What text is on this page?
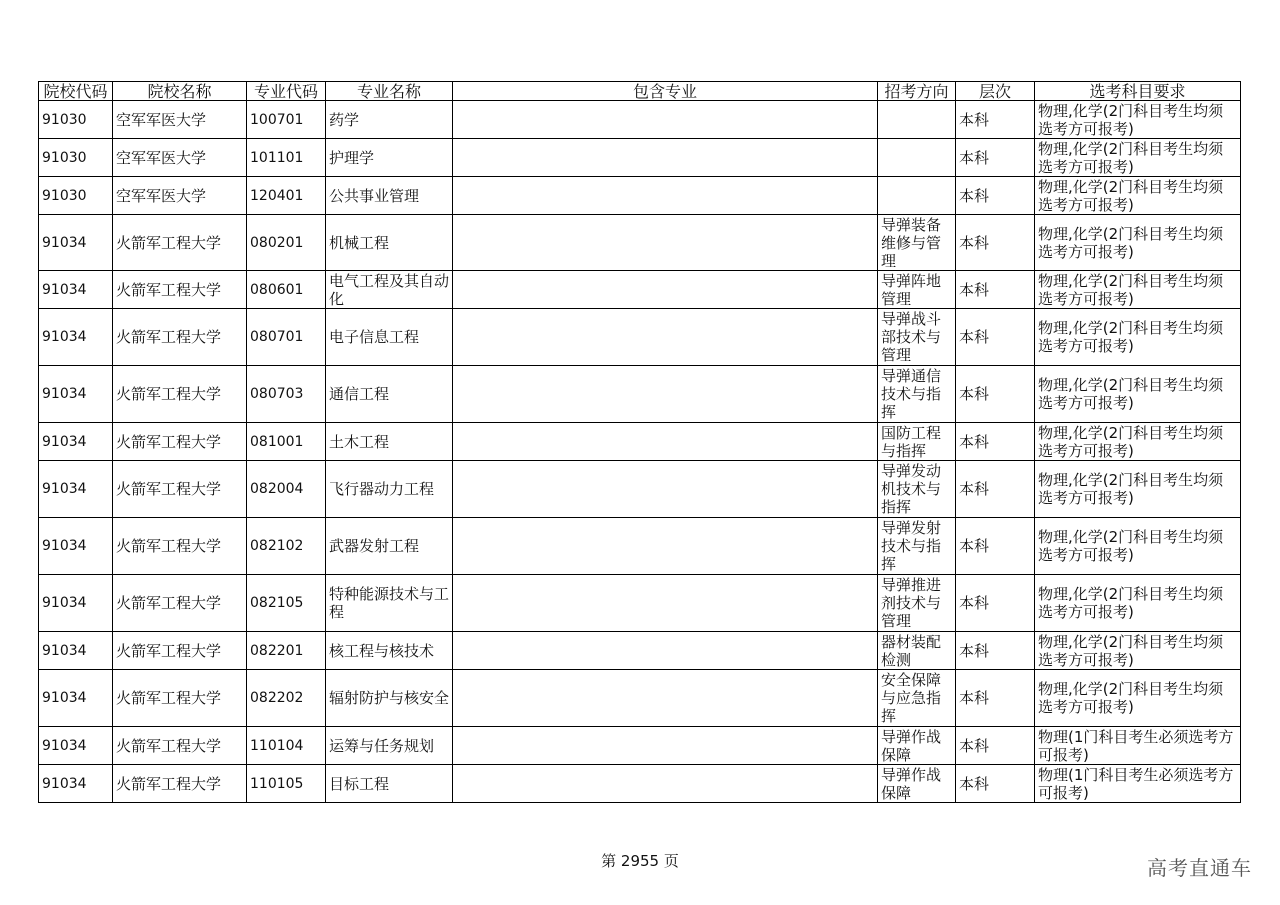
院校代码	院校名称	专业代码	专业名称	包含专业	招考方向	层次	选考科目要求
91030	空军军医大学	100701	药学			本科	物理,化学(2门科目考生均须选考方可报考)
91030	空军军医大学	101101	护理学			本科	物理,化学(2门科目考生均须选考方可报考)
91030	空军军医大学	120401	公共事业管理			本科	物理,化学(2门科目考生均须选考方可报考)
91034	火箭军工程大学	080201	机械工程		导弹装备维修与管理	本科	物理,化学(2门科目考生均须选考方可报考)
91034	火箭军工程大学	080601	电气工程及其自动化		导弹阵地管理	本科	物理,化学(2门科目考生均须选考方可报考)
91034	火箭军工程大学	080701	电子信息工程		导弹战斗部技术与管理	本科	物理,化学(2门科目考生均须选考方可报考)
91034	火箭军工程大学	080703	通信工程		导弹通信技术与指挥	本科	物理,化学(2门科目考生均须选考方可报考)
91034	火箭军工程大学	081001	土木工程		国防工程与指挥	本科	物理,化学(2门科目考生均须选考方可报考)
91034	火箭军工程大学	082004	飞行器动力工程		导弹发动机技术与指挥	本科	物理,化学(2门科目考生均须选考方可报考)
91034	火箭军工程大学	082102	武器发射工程		导弹发射技术与指挥	本科	物理,化学(2门科目考生均须选考方可报考)
91034	火箭军工程大学	082105	特种能源技术与工程		导弹推进剂技术与管理	本科	物理,化学(2门科目考生均须选考方可报考)
91034	火箭军工程大学	082201	核工程与核技术		器材装配检测	本科	物理,化学(2门科目考生均须选考方可报考)
91034	火箭军工程大学	082202	辐射防护与核安全		安全保障与应急指挥	本科	物理,化学(2门科目考生均须选考方可报考)
91034	火箭军工程大学	110104	运筹与任务规划		导弹作战保障	本科	物理(1门科目考生必须选考方可报考)
91034	火箭军工程大学	110105	目标工程		导弹作战保障	本科	物理(1门科目考生必须选考方可报考)
第 2955 页	高考直通车
